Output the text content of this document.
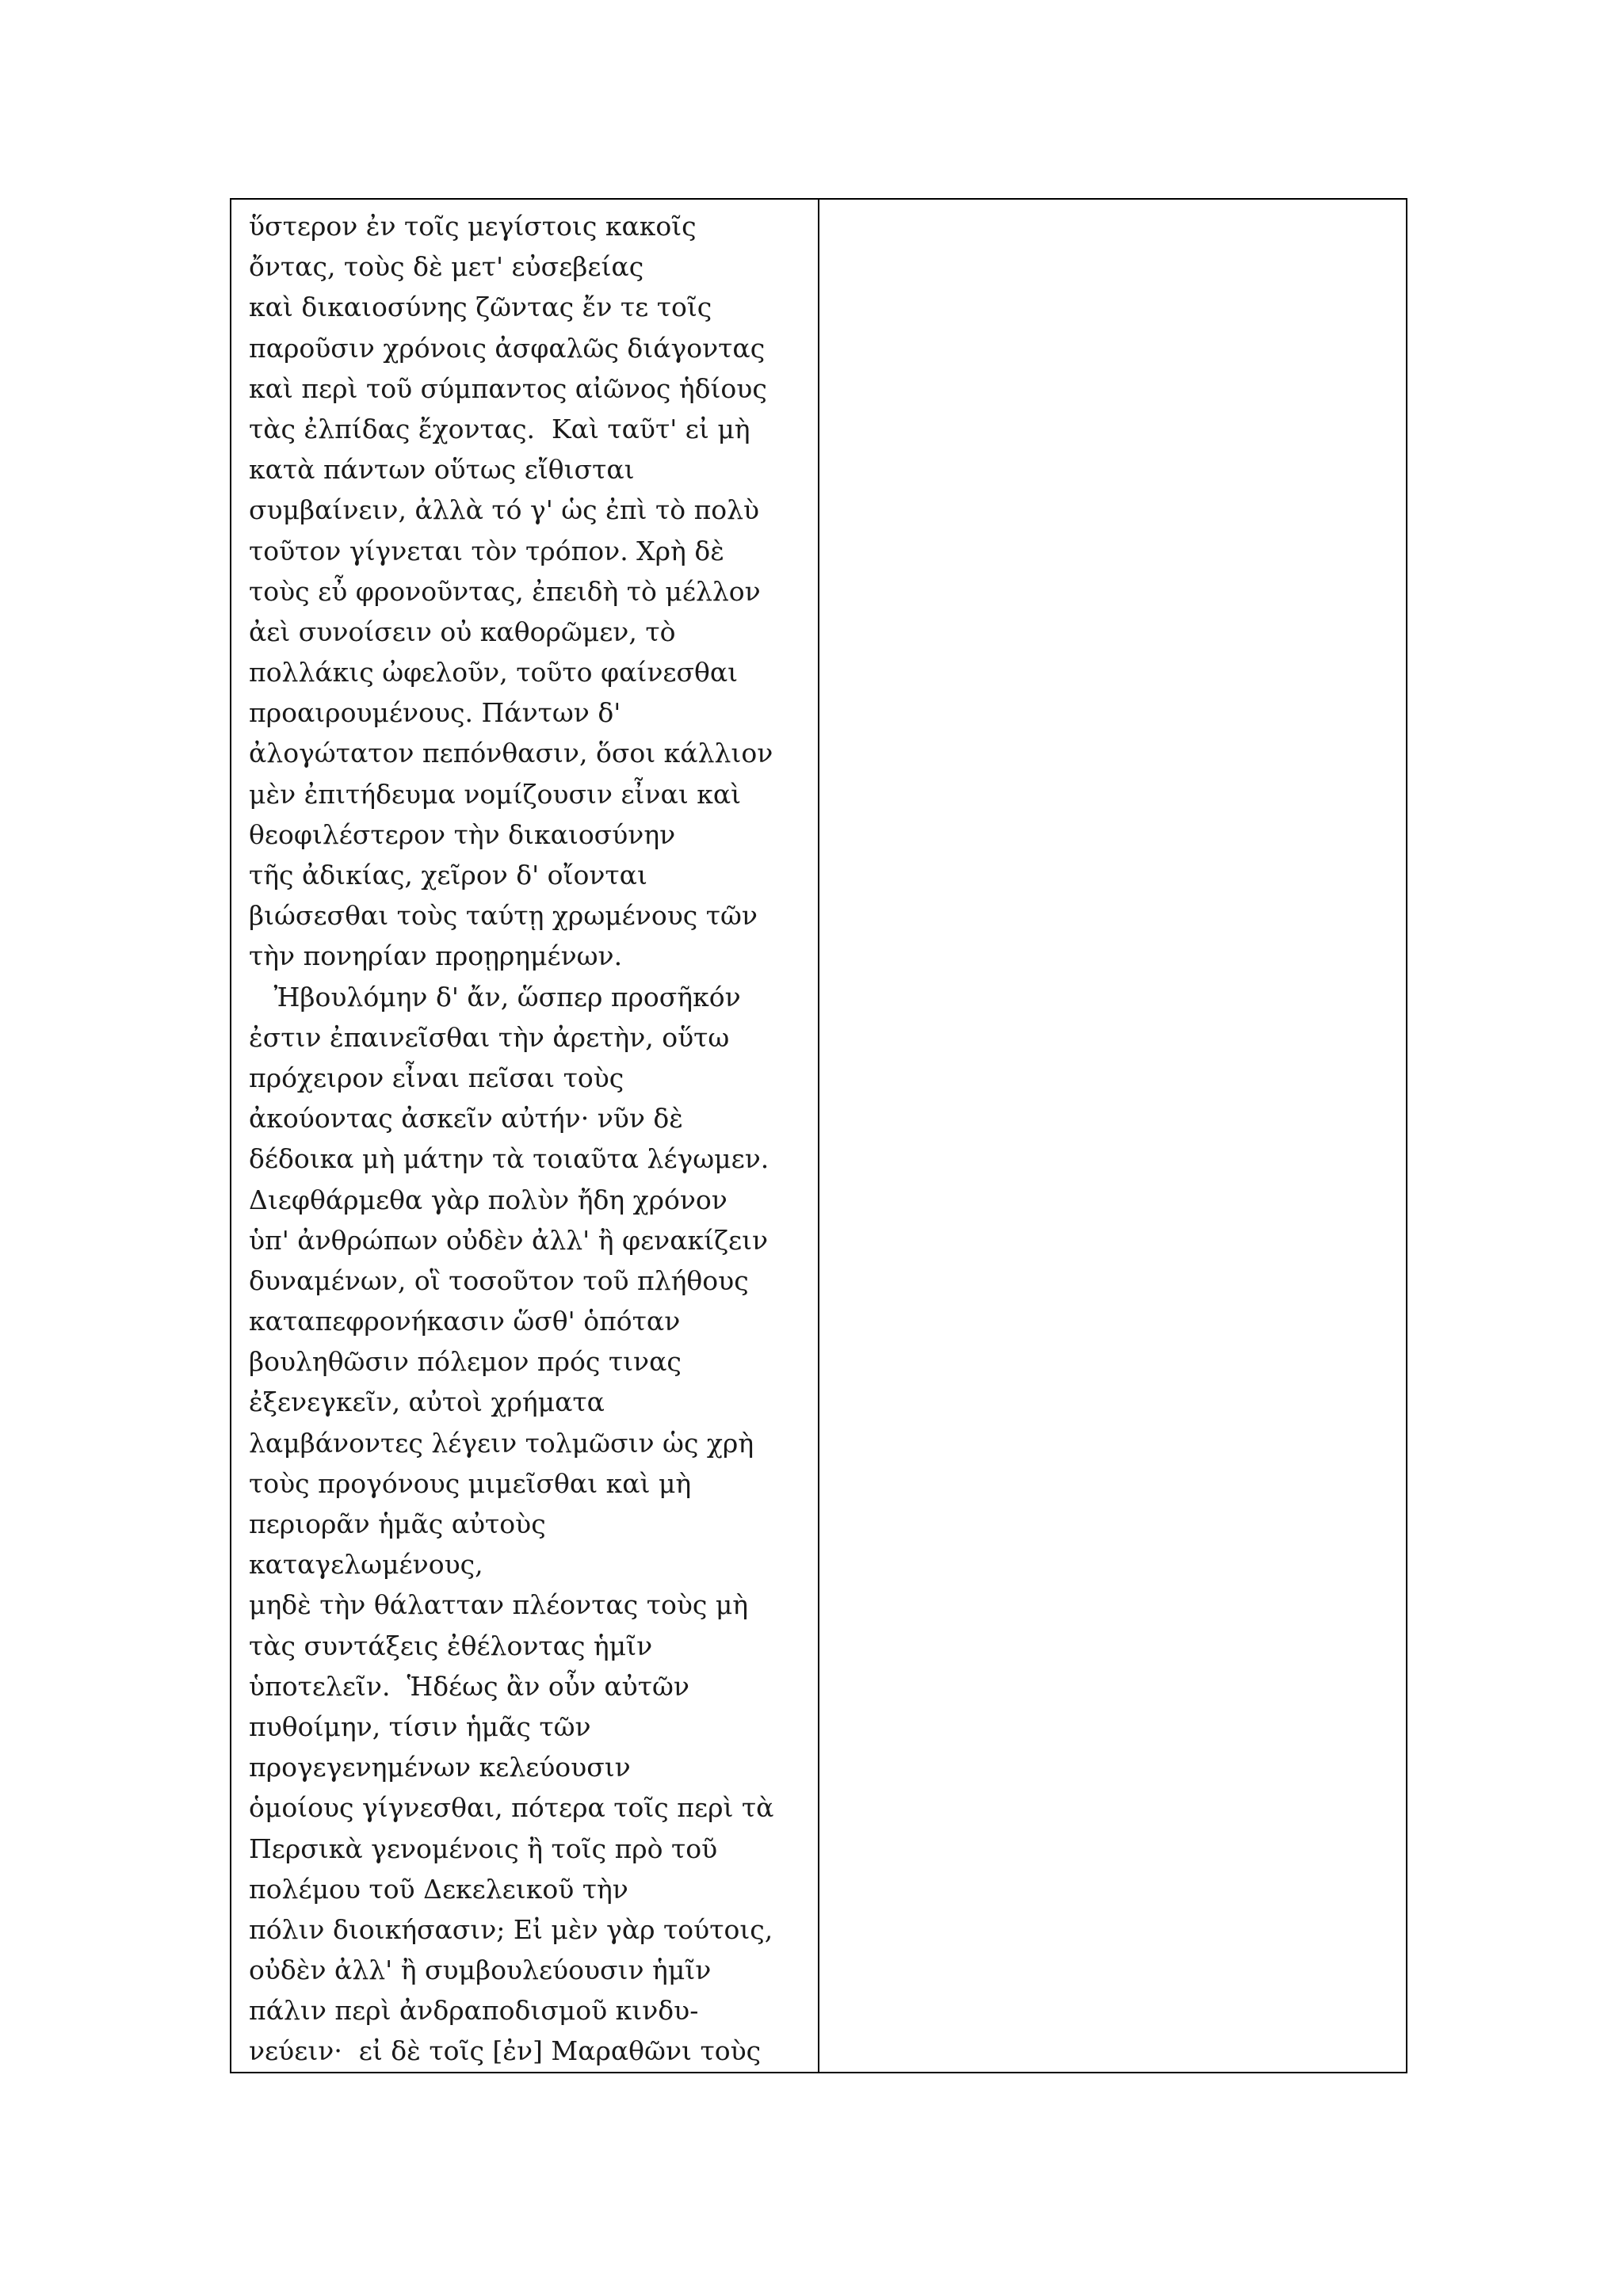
ὕστερον ἐν τοῖς μεγίστοις κακοῖς
ὄντας, τοὺς δὲ μετ' εὐσεβείας
καὶ δικαιοσύνης ζῶντας ἔν τε τοῖς
παροῦσιν χρόνοις ἀσφαλῶς διάγοντας
καὶ περὶ τοῦ σύμπαντος αἰῶνος ἡδίους
τὰς ἐλπίδας ἔχοντας.  Καὶ ταῦτ' εἰ μὴ
κατὰ πάντων οὕτως εἴθισται
συμβαίνειν, ἀλλὰ τό γ' ὡς ἐπὶ τὸ πολὺ
τοῦτον γίγνεται τὸν τρόπον. Χρὴ δὲ
τοὺς εὖ φρονοῦντας, ἐπειδὴ τὸ μέλλον
ἀεὶ συνοίσειν οὐ καθορῶμεν, τὸ
πολλάκις ὠφελοῦν, τοῦτο φαίνεσθαι
προαιρουμένους. Πάντων δ'
ἀλογώτατον πεπόνθασιν, ὅσοι κάλλιον
μὲν ἐπιτήδευμα νομίζουσιν εἶναι καὶ
θεοφιλέστερον τὴν δικαιοσύνην
τῆς ἀδικίας, χεῖρον δ' οἴονται
βιώσεσθαι τοὺς ταύτῃ χρωμένους τῶν
τὴν πονηρίαν προῃρημένων.
Ἠβουλόμην δ' ἄν, ὥσπερ προσῆκόν
ἐστιν ἐπαινεῖσθαι τὴν ἀρετὴν, οὕτω
πρόχειρον εἶναι πεῖσαι τοὺς
ἀκούοντας ἀσκεῖν αὐτήν· νῦν δὲ
δέδοικα μὴ μάτην τὰ τοιαῦτα λέγωμεν.
Διεφθάρμεθα γὰρ πολὺν ἤδη χρόνον
ὑπ' ἀνθρώπων οὐδὲν ἀλλ' ἢ φενακίζειν
δυναμένων, οἳ τοσοῦτον τοῦ πλήθους
καταπεφρονήκασιν ὥσθ' ὁπόταν
βουληθῶσιν πόλεμον πρός τινας
ἐξενεγκεῖν, αὐτοὶ χρήματα
λαμβάνοντες λέγειν τολμῶσιν ὡς χρὴ
τοὺς προγόνους μιμεῖσθαι καὶ μὴ
περιορᾶν ἡμᾶς αὐτοὺς
καταγελωμένους,
μηδὲ τὴν θάλατταν πλέοντας τοὺς μὴ
τὰς συντάξεις ἐθέλοντας ἡμῖν
ὑποτελεῖν.  Ἡδέως ἂν οὖν αὐτῶν
πυθοίμην, τίσιν ἡμᾶς τῶν
προγεγενημένων κελεύουσιν
ὁμοίους γίγνεσθαι, πότερα τοῖς περὶ τὰ
Περσικὰ γενομένοις ἢ τοῖς πρὸ τοῦ
πολέμου τοῦ Δεκελεικοῦ τὴν
πόλιν διοικήσασιν; Εἰ μὲν γὰρ τούτοις,
οὐδὲν ἀλλ' ἢ συμβουλεύουσιν ἡμῖν
πάλιν περὶ ἀνδραποδισμοῦ κινδυ-
νεύειν·  εἰ δὲ τοῖς [ἐν] Μαραθῶνι τοὺς
